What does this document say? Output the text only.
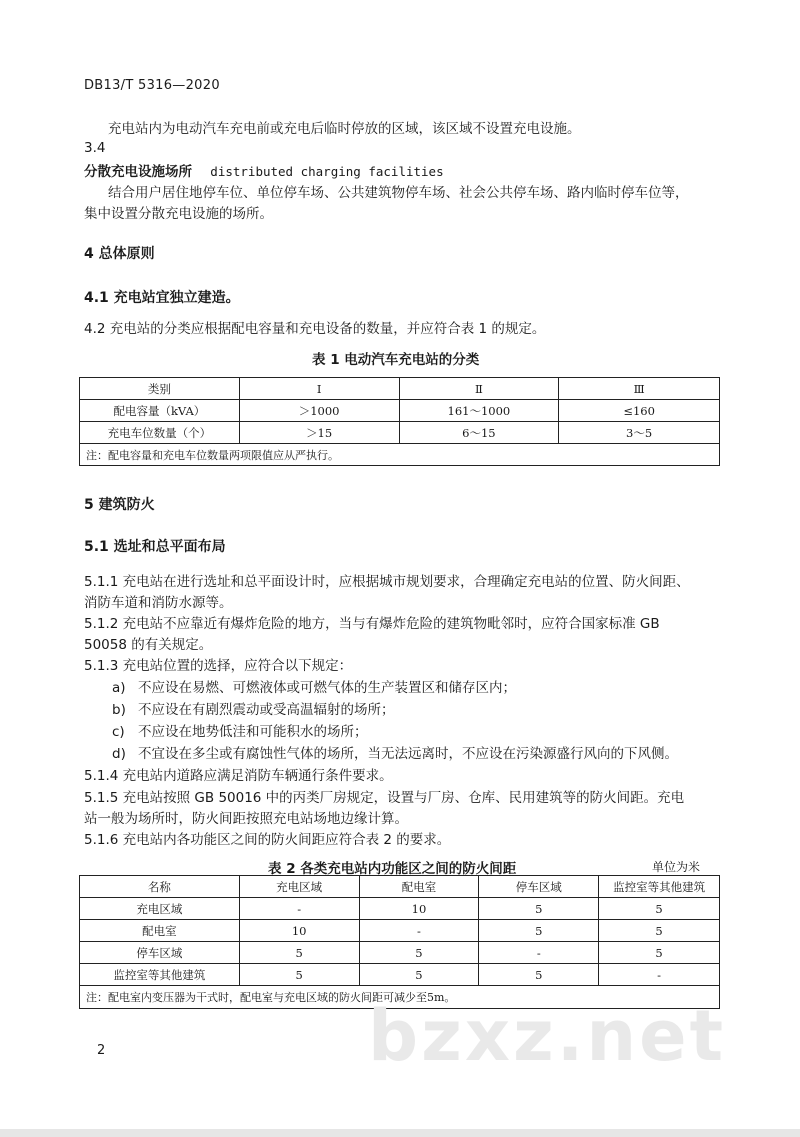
DB13/T 5316—2020
充电站内为电动汽车充电前或充电后临时停放的区域，该区域不设置充电设施。
3.4
分散充电设施场所 distributed charging facilities
结合用户居住地停车位、单位停车场、公共建筑物停车场、社会公共停车场、路内临时停车位等，
集中设置分散充电设施的场所。
4 总体原则
4.1 充电站宜独立建造。
4.2 充电站的分类应根据配电容量和充电设备的数量，并应符合表 1 的规定。
表 1 电动汽车充电站的分类
类别	Ⅰ	Ⅱ	Ⅲ
配电容量（kVA）	＞1000	161～1000	≤160
充电车位数量（个）	＞15	6～15	3～5
注：配电容量和充电车位数量两项限值应从严执行。			
5 建筑防火
5.1 选址和总平面布局
5.1.1 充电站在进行选址和总平面设计时，应根据城市规划要求，合理确定充电站的位置、防火间距、
消防车道和消防水源等。
5.1.2 充电站不应靠近有爆炸危险的地方，当与有爆炸危险的建筑物毗邻时，应符合国家标准 GB
50058 的有关规定。
5.1.3 充电站位置的选择，应符合以下规定：
a) 不应设在易燃、可燃液体或可燃气体的生产装置区和储存区内；
b) 不应设在有剧烈震动或受高温辐射的场所；
c) 不应设在地势低洼和可能积水的场所；
d) 不宜设在多尘或有腐蚀性气体的场所，当无法远离时，不应设在污染源盛行风向的下风侧。
5.1.4 充电站内道路应满足消防车辆通行条件要求。
5.1.5 充电站按照 GB 50016 中的丙类厂房规定，设置与厂房、仓库、民用建筑等的防火间距。充电
站一般为场所时，防火间距按照充电站场地边缘计算。
5.1.6 充电站内各功能区之间的防火间距应符合表 2 的要求。
表 2 各类充电站内功能区之间的防火间距	单位为米
名称	充电区域	配电室	停车区域	监控室等其他建筑
充电区域	-	10	5	5
配电室	10	-	5	5
停车区域	5	5	-	5
监控室等其他建筑	5	5	5	-
注：配电室内变压器为干式时，配电室与充电区域的防火间距可减少至5m。				
bzxz.net
2
